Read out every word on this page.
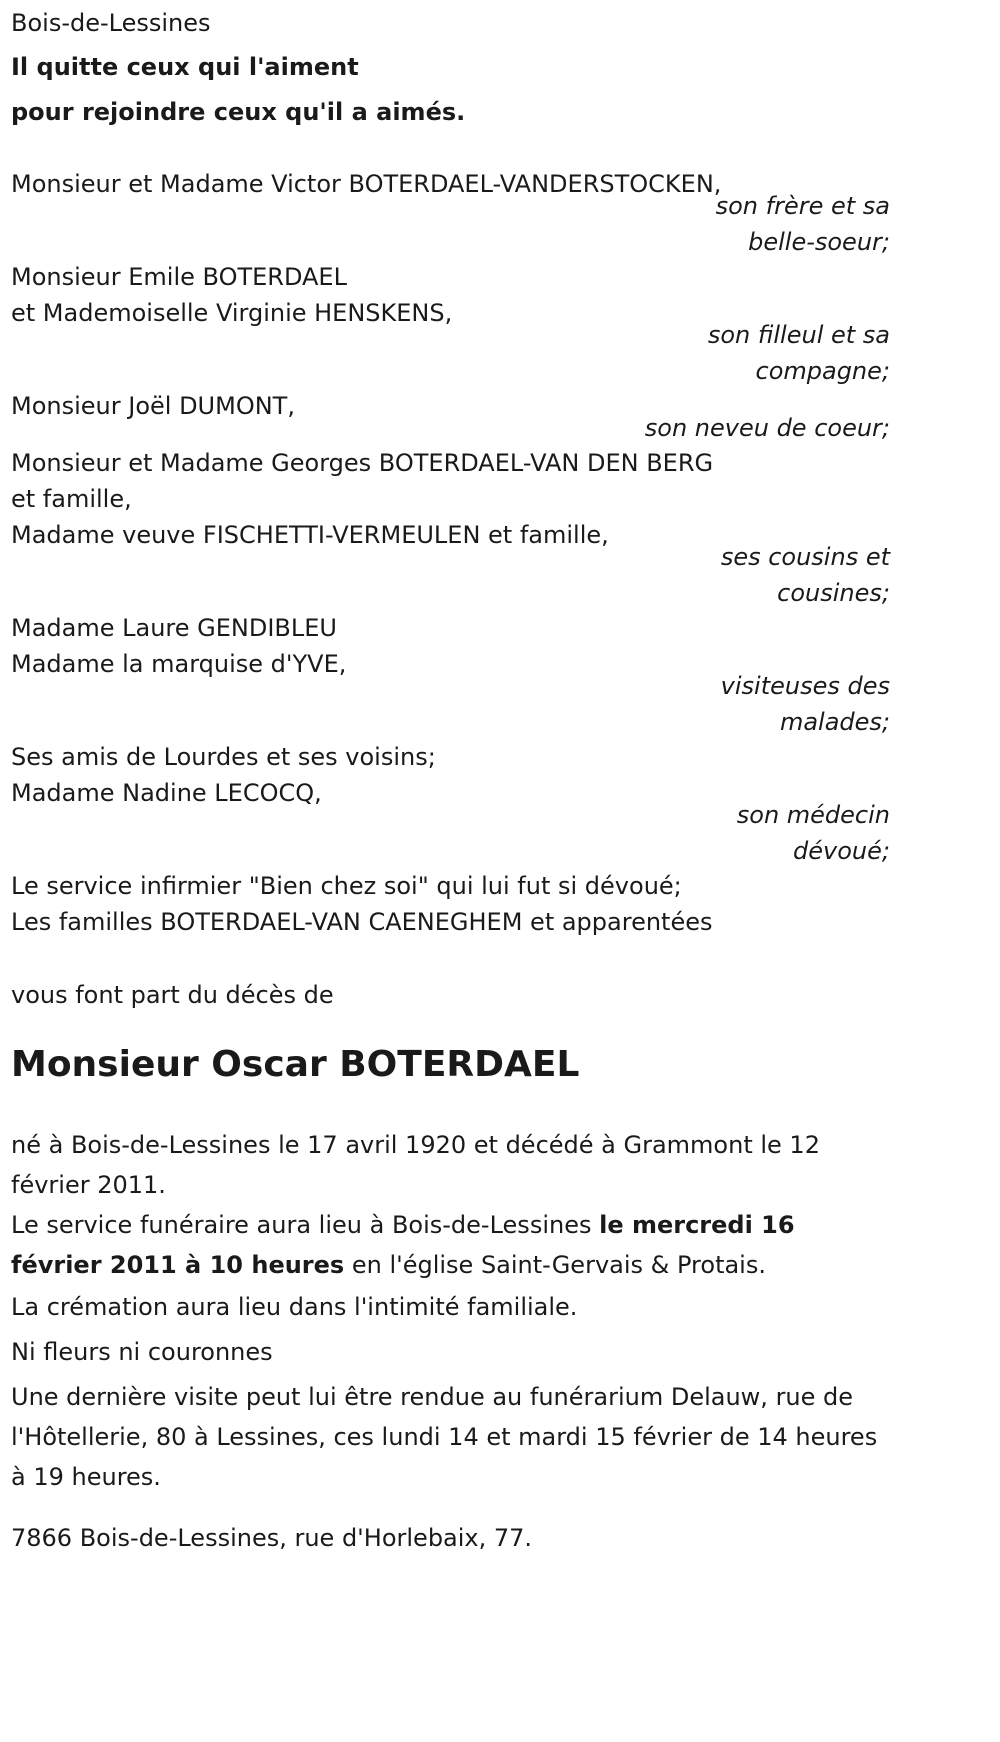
Bois-de-Lessines
Il quitte ceux qui l'aiment
pour rejoindre ceux qu'il a aimés.
Monsieur et Madame Victor BOTERDAEL-VANDERSTOCKEN,
son frère et sa
belle-soeur;
Monsieur Emile BOTERDAEL
et Mademoiselle Virginie HENSKENS,
son filleul et sa
compagne;
Monsieur Joël DUMONT,
son neveu de coeur;
Monsieur et Madame Georges BOTERDAEL-VAN DEN BERG
et famille,
Madame veuve FISCHETTI-VERMEULEN et famille,
ses cousins et
cousines;
Madame Laure GENDIBLEU
Madame la marquise d'YVE,
visiteuses des
malades;
Ses amis de Lourdes et ses voisins;
Madame Nadine LECOCQ,
son médecin
dévoué;
Le service infirmier "Bien chez soi" qui lui fut si dévoué;
Les familles BOTERDAEL-VAN CAENEGHEM et apparentées
vous font part du décès de
Monsieur Oscar BOTERDAEL
né à Bois-de-Lessines le 17 avril 1920 et décédé à Grammont le 12 février 2011.
Le service funéraire aura lieu à Bois-de-Lessines le mercredi 16 février 2011 à 10 heures en l'église Saint-Gervais & Protais.
La crémation aura lieu dans l'intimité familiale.
Ni fleurs ni couronnes
Une dernière visite peut lui être rendue au funérarium Delauw, rue de l'Hôtellerie, 80 à Lessines, ces lundi 14 et mardi 15 février de 14 heures à 19 heures.
7866 Bois-de-Lessines, rue d'Horlebaix, 77.
